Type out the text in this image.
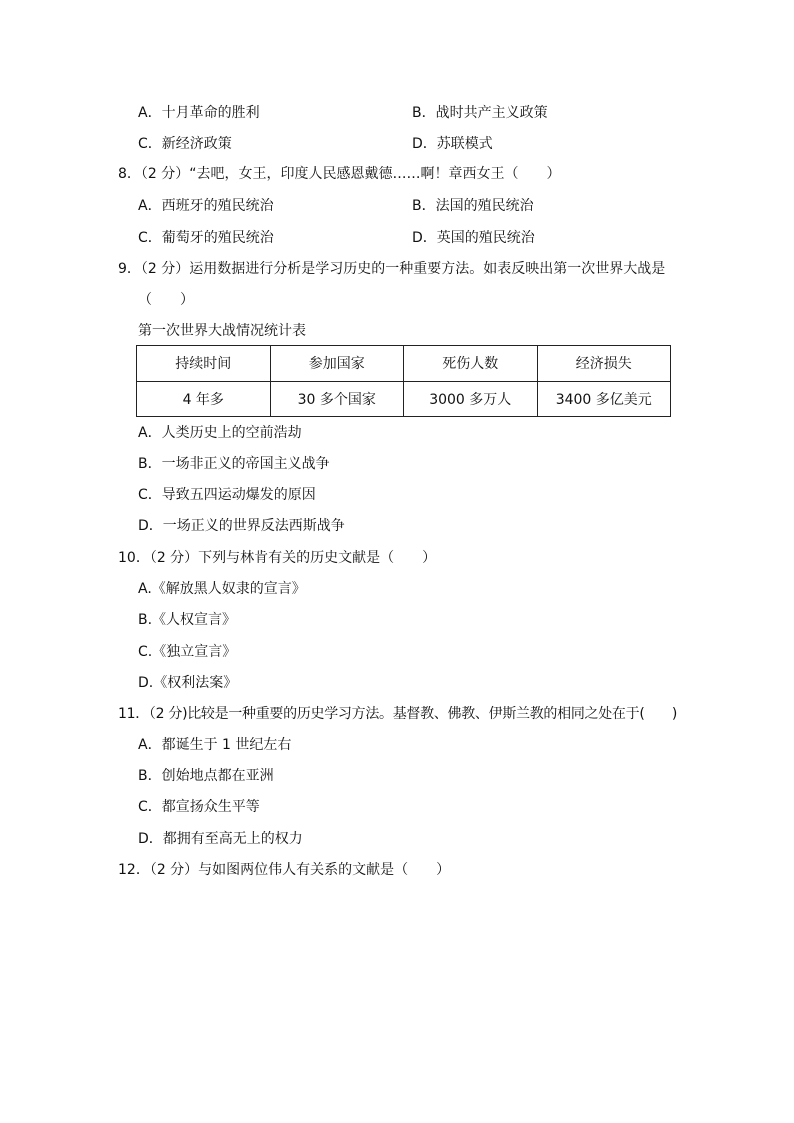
A．十月革命的胜利	B．战时共产主义政策
C．新经济政策	D．苏联模式
8．（2 分）“去吧，女王，印度人民感恩戴德……啊！章西女王（　　）
A．西班牙的殖民统治	B．法国的殖民统治
C．葡萄牙的殖民统治	D．英国的殖民统治
9．（2 分）运用数据进行分析是学习历史的一种重要方法。如表反映出第一次世界大战是
（　　）
第一次世界大战情况统计表
持续时间	参加国家	死伤人数	经济损失
4 年多	30 多个国家	3000 多万人	3400 多亿美元
A．人类历史上的空前浩劫
B．一场非正义的帝国主义战争
C．导致五四运动爆发的原因
D．一场正义的世界反法西斯战争
10．（2 分）下列与林肯有关的历史文献是（　　）
A.《解放黑人奴隶的宣言》
B.《人权宣言》
C.《独立宣言》
D.《权利法案》
11．（2 分)比较是一种重要的历史学习方法。基督教、佛教、伊斯兰教的相同之处在于(　　)
A．都诞生于 1 世纪左右
B．创始地点都在亚洲
C．都宣扬众生平等
D．都拥有至高无上的权力
12．（2 分）与如图两位伟人有关系的文献是（　　）
